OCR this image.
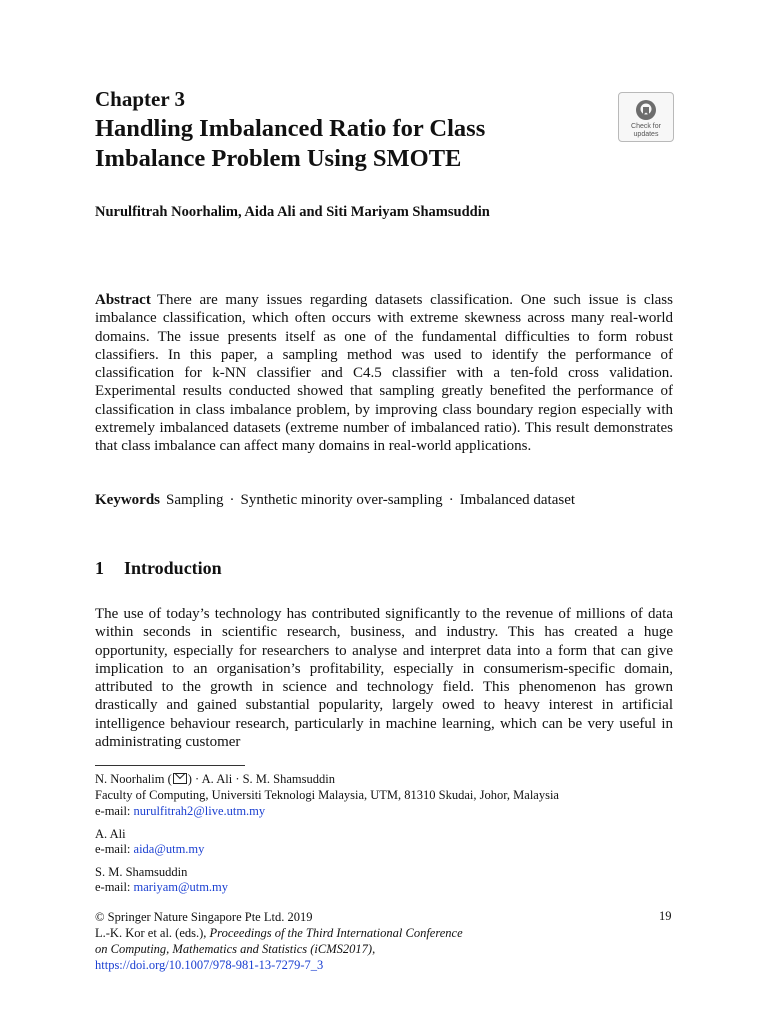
Chapter 3
Handling Imbalanced Ratio for Class Imbalance Problem Using SMOTE
Check for
updates
Nurulfitrah Noorhalim, Aida Ali and Siti Mariyam Shamsuddin
Abstract There are many issues regarding datasets classification. One such issue is class imbalance classification, which often occurs with extreme skewness across many real-world domains. The issue presents itself as one of the fundamental difficulties to form robust classifiers. In this paper, a sampling method was used to identify the performance of classification for k-NN classifier and C4.5 classifier with a ten-fold cross validation. Experimental results conducted showed that sampling greatly benefited the performance of classification in class imbalance problem, by improving class boundary region especially with extremely imbalanced datasets (extreme number of imbalanced ratio). This result demonstrates that class imbalance can affect many domains in real-world applications.
Keywords Sampling · Synthetic minority over-sampling · Imbalanced dataset
1 Introduction
The use of today’s technology has contributed significantly to the revenue of millions of data within seconds in scientific research, business, and industry. This has created a huge opportunity, especially for researchers to analyse and interpret data into a form that can give implication to an organisation’s profitability, especially in consumerism-specific domain, attributed to the growth in science and technology field. This phenomenon has grown drastically and gained substantial popularity, largely owed to heavy interest in artificial intelligence behaviour research, particularly in machine learning, which can be very useful in administrating customer
N. Noorhalim ( ) · A. Ali · S. M. Shamsuddin
Faculty of Computing, Universiti Teknologi Malaysia, UTM, 81310 Skudai, Johor, Malaysia
e-mail: nurulfitrah2@live.utm.my
A. Ali
e-mail: aida@utm.my
S. M. Shamsuddin
e-mail: mariyam@utm.my
© Springer Nature Singapore Pte Ltd. 2019	19
L.-K. Kor et al. (eds.), Proceedings of the Third International Conference
on Computing, Mathematics and Statistics (iCMS2017),
https://doi.org/10.1007/978-981-13-7279-7_3
